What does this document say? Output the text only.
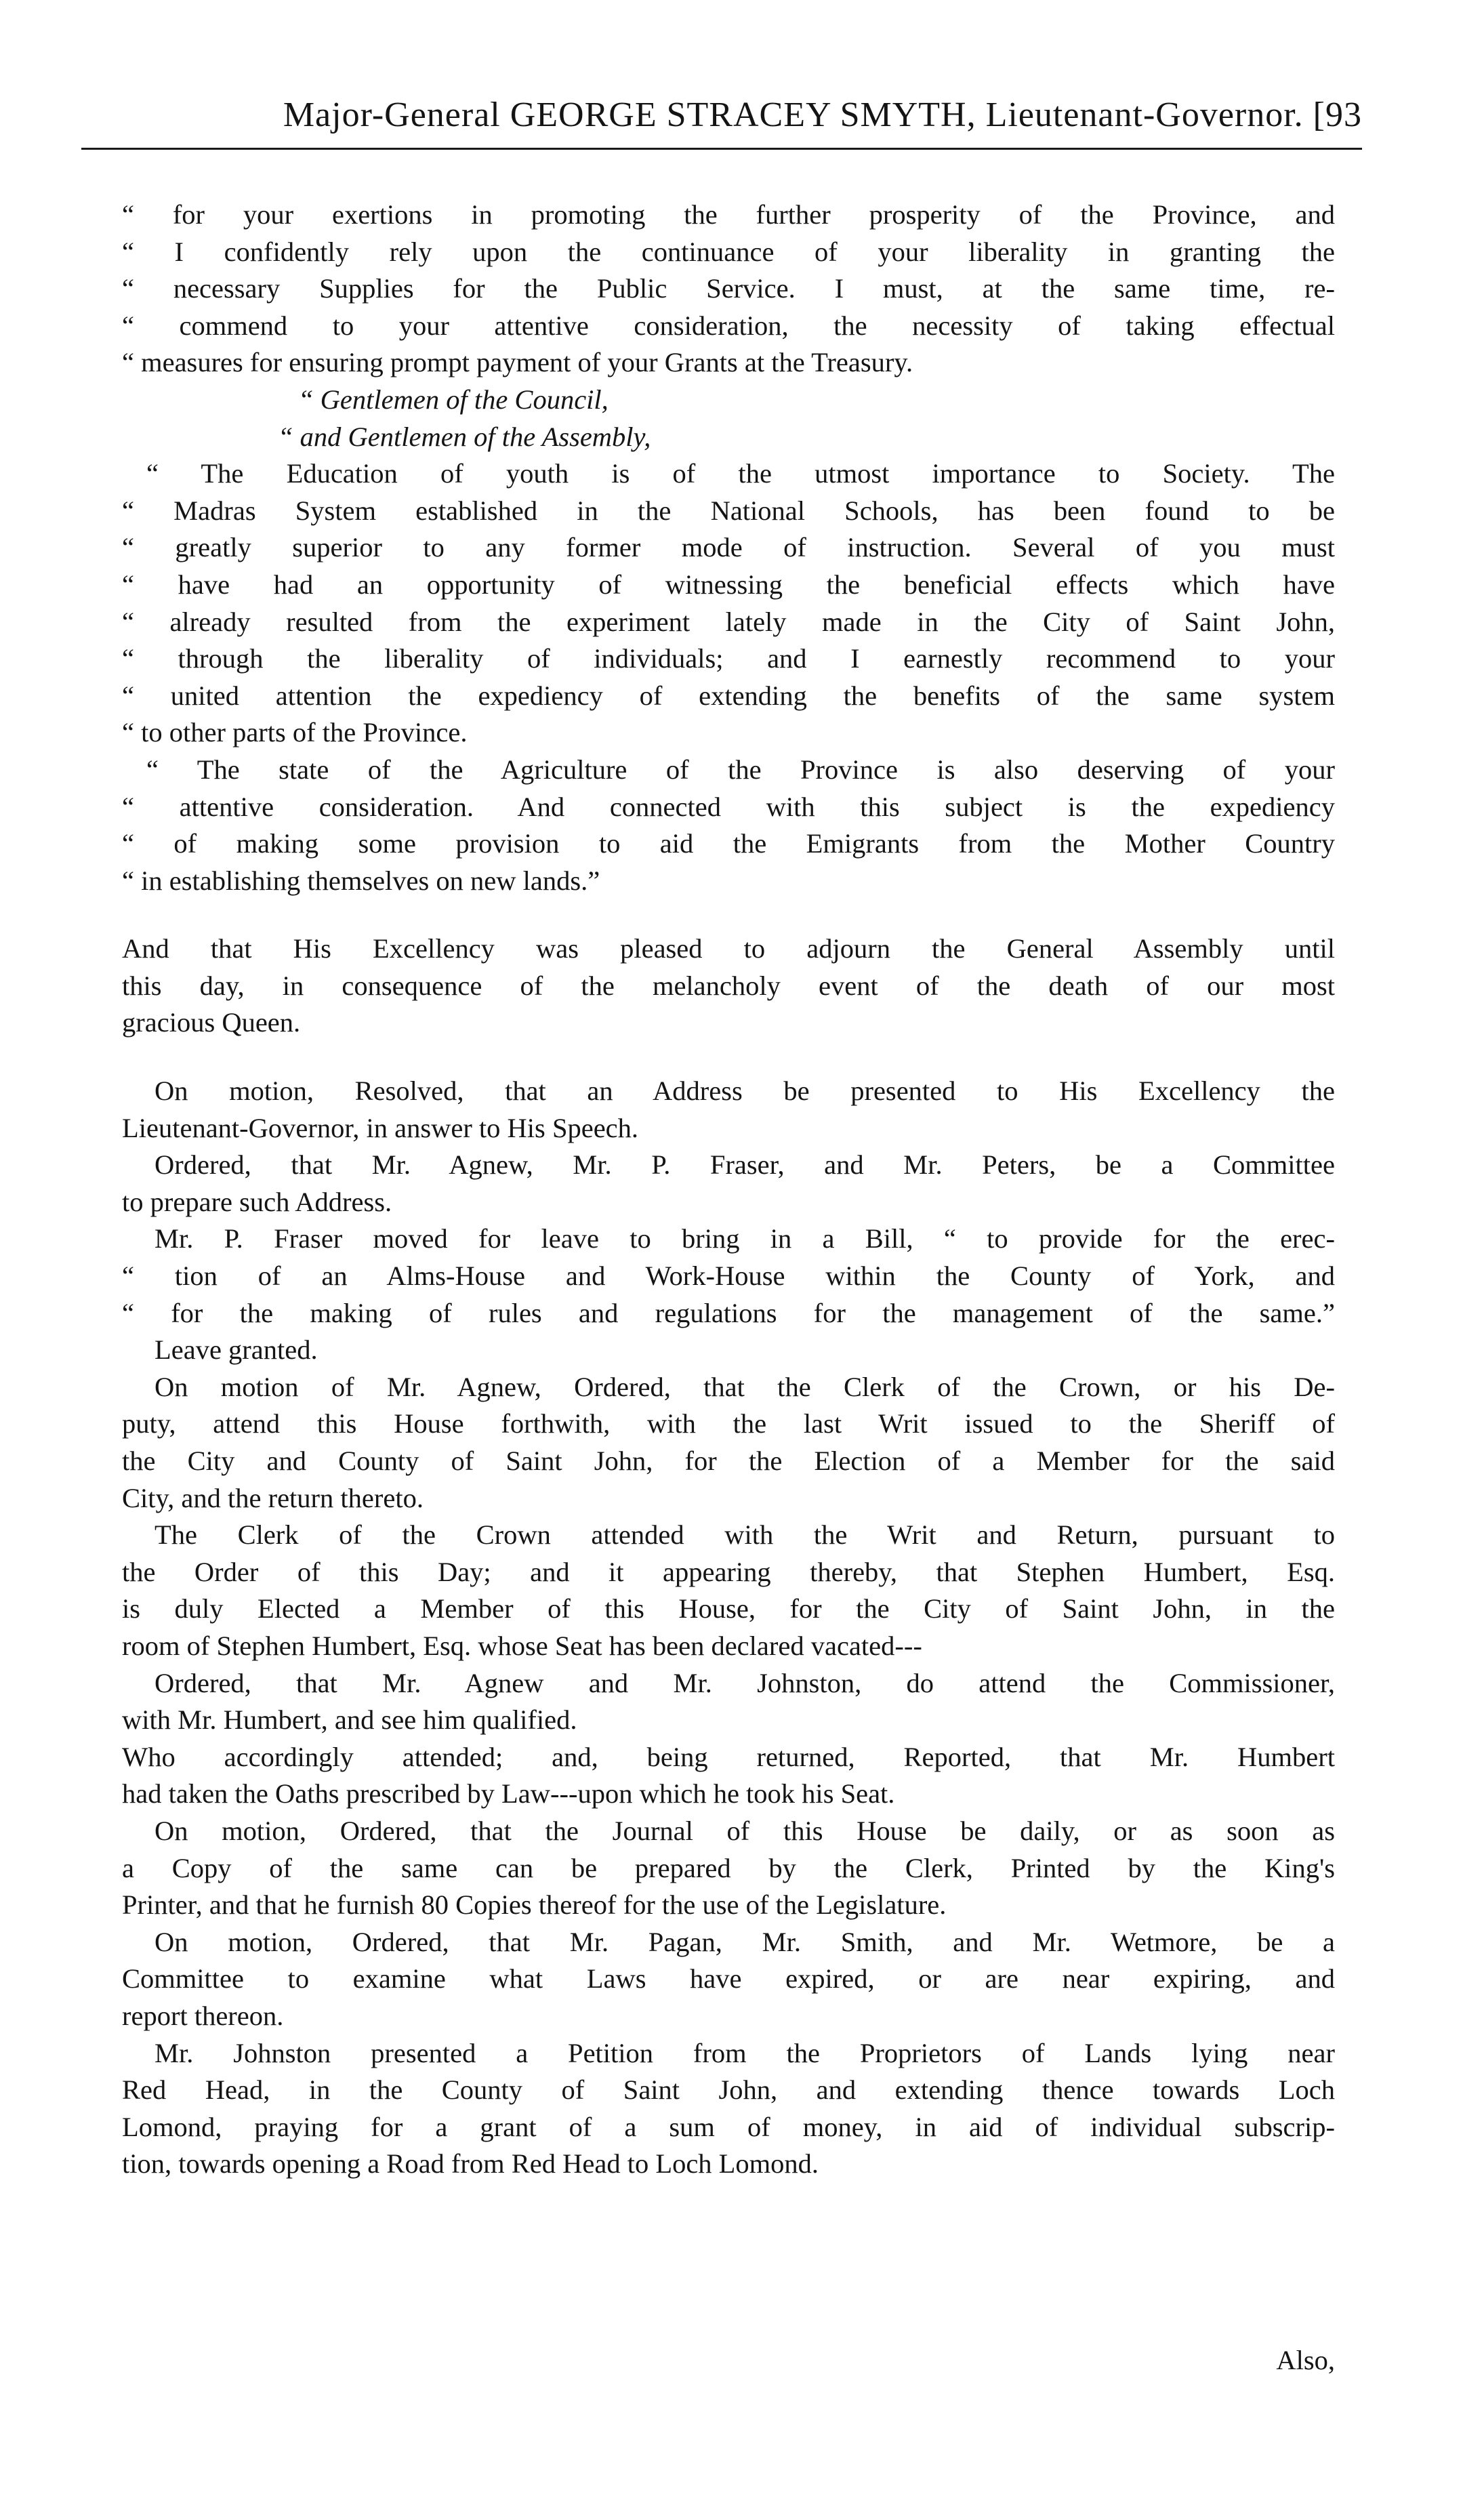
Major-General GEORGE STRACEY SMYTH, Lieutenant-Governor. [93
“ for your exertions in promoting the further prosperity of the Province, and
“ I confidently rely upon the continuance of your liberality in granting the
“ necessary Supplies for the Public Service. I must, at the same time, re-
“ commend to your attentive consideration, the necessity of taking effectual
“ measures for ensuring prompt payment of your Grants at the Treasury.
“ Gentlemen of the Council,
“ and Gentlemen of the Assembly,
“ The Education of youth is of the utmost importance to Society. The
“ Madras System established in the National Schools, has been found to be
“ greatly superior to any former mode of instruction. Several of you must
“ have had an opportunity of witnessing the beneficial effects which have
“ already resulted from the experiment lately made in the City of Saint John,
“ through the liberality of individuals; and I earnestly recommend to your
“ united attention the expediency of extending the benefits of the same system
“ to other parts of the Province.
“ The state of the Agriculture of the Province is also deserving of your
“ attentive consideration. And connected with this subject is the expediency
“ of making some provision to aid the Emigrants from the Mother Country
“ in establishing themselves on new lands.”
And that His Excellency was pleased to adjourn the General Assembly until
this day, in consequence of the melancholy event of the death of our most
gracious Queen.
On motion, Resolved, that an Address be presented to His Excellency the
Lieutenant-Governor, in answer to His Speech.
Ordered, that Mr. Agnew, Mr. P. Fraser, and Mr. Peters, be a Committee
to prepare such Address.
Mr. P. Fraser moved for leave to bring in a Bill, “ to provide for the erec-
“ tion of an Alms-House and Work-House within the County of York, and
“ for the making of rules and regulations for the management of the same.”
Leave granted.
On motion of Mr. Agnew, Ordered, that the Clerk of the Crown, or his De-
puty, attend this House forthwith, with the last Writ issued to the Sheriff of
the City and County of Saint John, for the Election of a Member for the said
City, and the return thereto.
The Clerk of the Crown attended with the Writ and Return, pursuant to
the Order of this Day; and it appearing thereby, that Stephen Humbert, Esq.
is duly Elected a Member of this House, for the City of Saint John, in the
room of Stephen Humbert, Esq. whose Seat has been declared vacated---
Ordered, that Mr. Agnew and Mr. Johnston, do attend the Commissioner,
with Mr. Humbert, and see him qualified.
Who accordingly attended; and, being returned, Reported, that Mr. Humbert
had taken the Oaths prescribed by Law---upon which he took his Seat.
On motion, Ordered, that the Journal of this House be daily, or as soon as
a Copy of the same can be prepared by the Clerk, Printed by the King's
Printer, and that he furnish 80 Copies thereof for the use of the Legislature.
On motion, Ordered, that Mr. Pagan, Mr. Smith, and Mr. Wetmore, be a
Committee to examine what Laws have expired, or are near expiring, and
report thereon.
Mr. Johnston presented a Petition from the Proprietors of Lands lying near
Red Head, in the County of Saint John, and extending thence towards Loch
Lomond, praying for a grant of a sum of money, in aid of individual subscrip-
tion, towards opening a Road from Red Head to Loch Lomond.
Also,
